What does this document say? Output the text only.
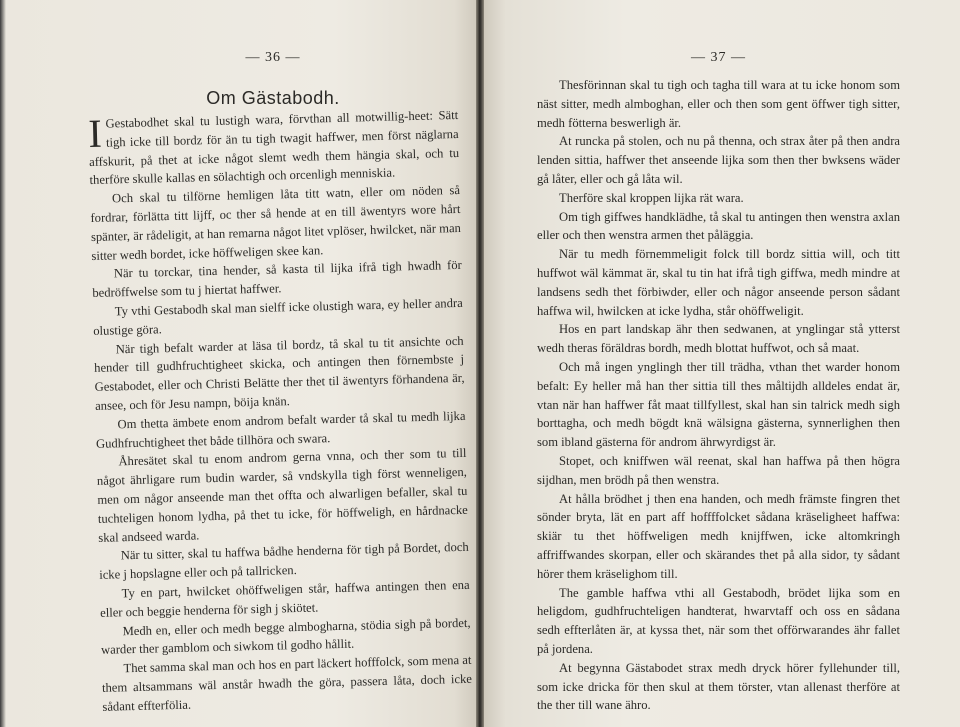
— 36 —
Om Gästabodh.

I Gestabodhet skal tu lustigh wara, förvthan all motwillig-heet: Sätt tigh icke till bordz för än tu tigh twagit haffwer, men först näglarna affskurit, på thet at icke något slemt wedh them hängia skal, och tu therföre skulle kallas en sölachtigh och orcenligh menniskia.

Och skal tu tilförne hemligen låta titt watn, eller om nöden så fordrar, förlätta titt lijff, oc ther så hende at en till äwentyrs wore hårt spänter, är rådeligit, at han remarna något litet vplöser, hwilcket, när man sitter wedh bordet, icke höffweligen skee kan.

När tu torckar, tina hender, så kasta til lijka ifrå tigh hwadh för bedröffwelse som tu j hiertat haffwer.

Ty vthi Gestabodh skal man sielff icke olustigh wara, ey heller andra olustige göra.

När tigh befalt warder at läsa til bordz, tå skal tu tit ansichte och hender till gudhfruchtigheet skicka, och antingen then förnembste j Gestabodet, eller och Christi Belätte ther thet til äwentyrs förhandena är, ansee, och för Jesu nampn, böija knän.

Om thetta ämbete enom androm befalt warder tå skal tu medh lijka Gudhfruchtigheet thet både tillhöra och swara.

Åhresätet skal tu enom androm gerna vnna, och ther som tu till något ährligare rum budin warder, så vndskylla tigh först wenneligen, men om någor anseende man thet offta och alwarligen befaller, skal tu tuchteligen honom lydha, på thet tu icke, för höffweligh, en hårdnacke skal andseed warda.

När tu sitter, skal tu haffwa bådhe henderna för tigh på Bordet, doch icke j hopslagne eller och på tallricken.

Ty en part, hwilcket ohöffweligen står, haffwa antingen then ena eller och beggie henderna för sigh j skiötet.

Medh en, eller och medh begge almbogharna, stödia sigh på bordet, warder ther gamblom och siwkom til godho hållit.

Thet samma skal man och hos en part läckert hofffolck, som mena at them altsammans wäl anstår hwadh the göra, passera låta, doch icke sådant effterfölia.

— 37 —

Thesförinnan skal tu tigh och tagha till wara at tu icke honom som näst sitter, medh almboghan, eller och then som gent öffwer tigh sitter, medh fötterna beswerligh är.

At runcka på stolen, och nu på thenna, och strax åter på then andra lenden sittia, haffwer thet anseende lijka som then ther bwksens wäder gå låter, eller och gå låta wil.

Therföre skal kroppen lijka rät wara.

Om tigh giffwes handklädhe, tå skal tu antingen then wenstra axlan eller och then wenstra armen thet påläggia.

När tu medh förnemmeligit folck till bordz sittia will, och titt huffwot wäl kämmat är, skal tu tin hat ifrå tigh giffwa, medh mindre at landsens sedh thet förbiwder, eller och någor anseende person sådant haffwa wil, hwilcken at icke lydha, står ohöffweligit.

Hos en part landskap ähr then sedwanen, at ynglingar stå ytterst wedh theras föräldras bordh, medh blottat huffwot, och så maat.

Och må ingen ynglingh ther till trädha, vthan thet warder honom befalt: Ey heller må han ther sittia till thes måltijdh alldeles endat är, vtan när han haffwer fåt maat tillfyllest, skal han sin talrick medh sigh borttagha, och medh bögdt knä wälsigna gästerna, synnerlighen then som ibland gästerna för androm ährwyrdigst är.

Stopet, och kniffwen wäl reenat, skal han haffwa på then högra sijdhan, men brödh på then wenstra.

At hålla brödhet j then ena handen, och medh främste fingren thet sönder bryta, lät en part aff hoffffolcket sådana kräseligheet haffwa: skiär tu thet höffweligen medh knijffwen, icke altomkringh affriffwandes skorpan, eller och skärandes thet på alla sidor, ty sådant hörer them kräselighom till.

The gamble haffwa vthi all Gestabodh, brödet lijka som en heligdom, gudhfruchteligen handterat, hwarvtaff och oss en sådana sedh effterlåten är, at kyssa thet, när som thet offörwarandes ähr fallet på jordena.

At begynna Gästabodet strax medh dryck hörer fyllehunder till, som icke dricka för then skul at them törster, vtan allenast therföre at the ther till wane ähro.
